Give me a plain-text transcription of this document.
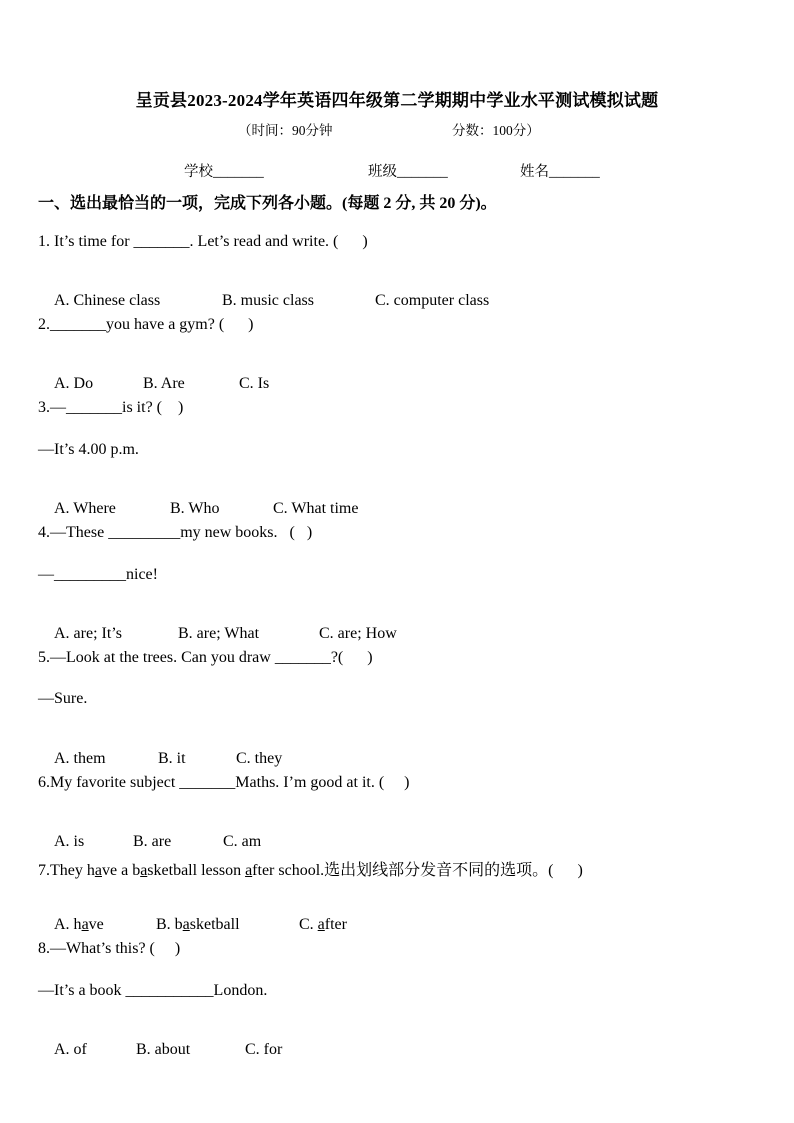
呈贡县2023-2024学年英语四年级第二学期期中学业水平测试模拟试题
（时间：90分钟	分数：100分）
学校_______	班级_______	姓名_______
一、选出最恰当的一项，完成下列各小题。(每题 2 分, 共 20 分)。
1. It’s time for _______. Let’s read and write. (      )

A. Chinese class	B. music class	C. computer class

2._______you have a gym? (      )

A. Do	B. Are	C. Is

3.—_______is it? (    )
—It’s 4.00 p.m.

A. Where	B. Who	C. What time

4.—These _________my new books.   (   )
—_________nice!

A. are; It’s	B. are; What	C. are; How

5.—Look at the trees. Can you draw _______?(      )
—Sure.

A. them	B. it	C. they

6.My favorite subject _______Maths. I’m good at it. (     )

A. is	B. are	C. am

7.They have a basketball lesson after school.选出划线部分发音不同的选项。(      )

A. have	B. basketball	C. after

8.—What’s this? (     )
—It’s a book ___________London.

A. of	B. about	C. for
